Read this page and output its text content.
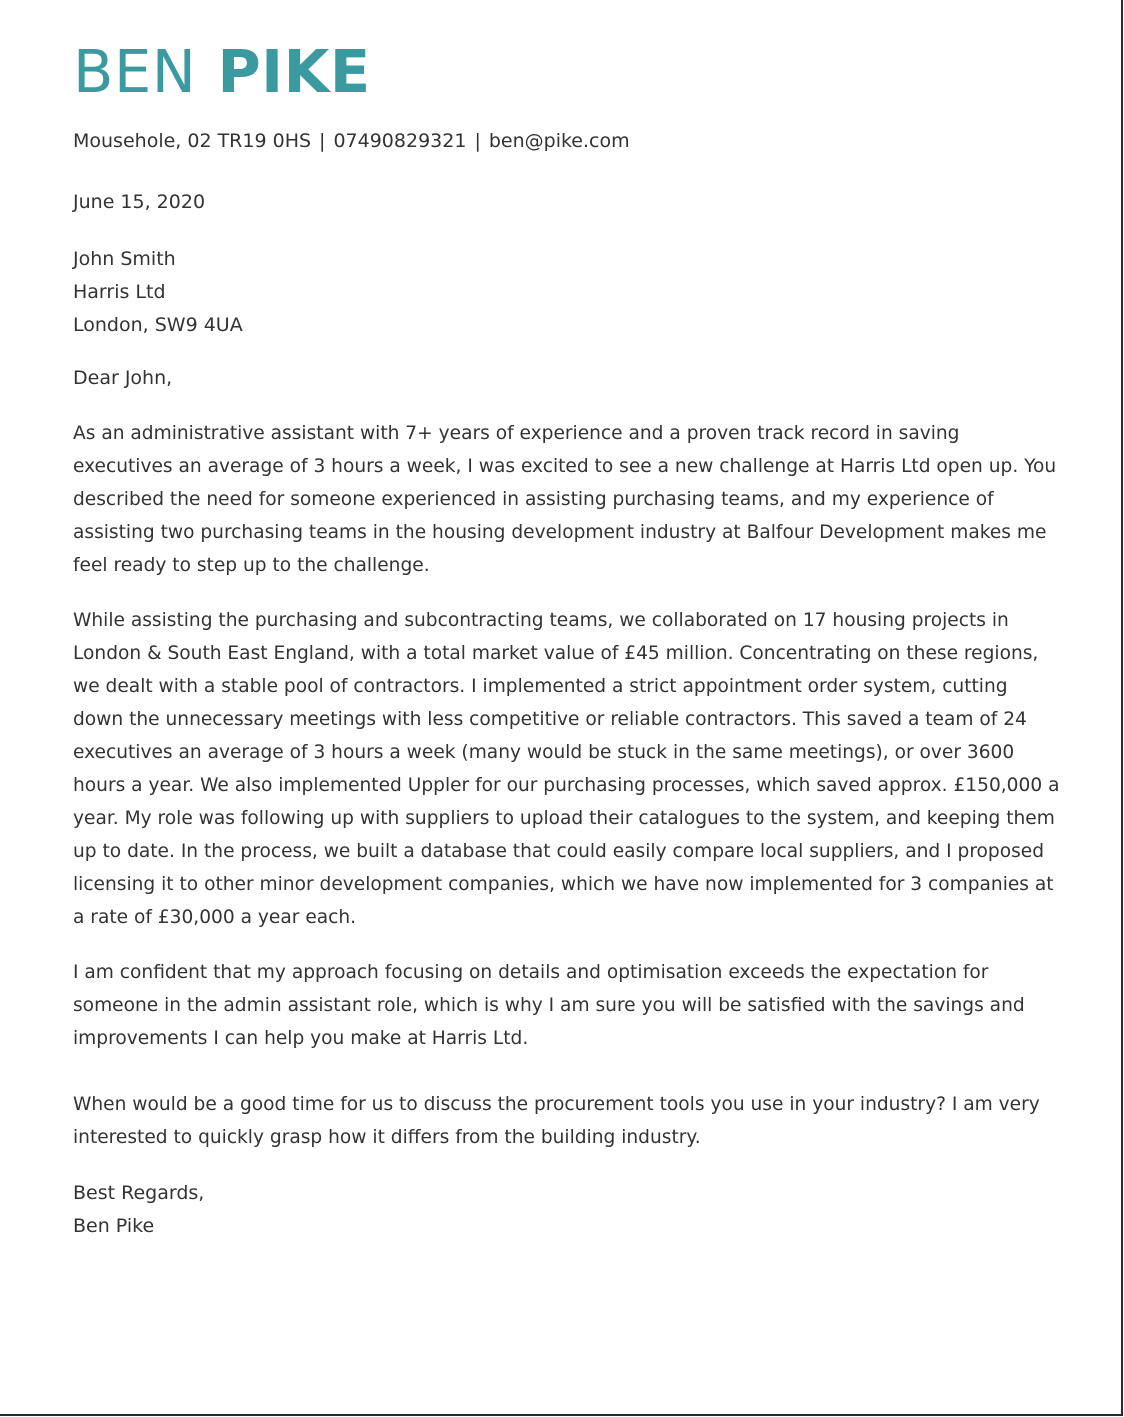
BEN PIKE
Mousehole, 02 TR19 0HS | 07490829321 | ben@pike.com
June 15, 2020
John Smith
Harris Ltd
London, SW9 4UA
Dear John,

As an administrative assistant with 7+ years of experience and a proven track record in saving executives an average of 3 hours a week, I was excited to see a new challenge at Harris Ltd open up. You described the need for someone experienced in assisting purchasing teams, and my experience of assisting two purchasing teams in the housing development industry at Balfour Development makes me feel ready to step up to the challenge.

While assisting the purchasing and subcontracting teams, we collaborated on 17 housing projects in London & South East England, with a total market value of £45 million. Concentrating on these regions, we dealt with a stable pool of contractors. I implemented a strict appointment order system, cutting down the unnecessary meetings with less competitive or reliable contractors. This saved a team of 24 executives an average of 3 hours a week (many would be stuck in the same meetings), or over 3600 hours a year. We also implemented Uppler for our purchasing processes, which saved approx. £150,000 a year. My role was following up with suppliers to upload their catalogues to the system, and keeping them up to date. In the process, we built a database that could easily compare local suppliers, and I proposed licensing it to other minor development companies, which we have now implemented for 3 companies at a rate of £30,000 a year each.

I am confident that my approach focusing on details and optimisation exceeds the expectation for someone in the admin assistant role, which is why I am sure you will be satisfied with the savings and improvements I can help you make at Harris Ltd.

When would be a good time for us to discuss the procurement tools you use in your industry? I am very interested to quickly grasp how it differs from the building industry.

Best Regards,
Ben Pike
